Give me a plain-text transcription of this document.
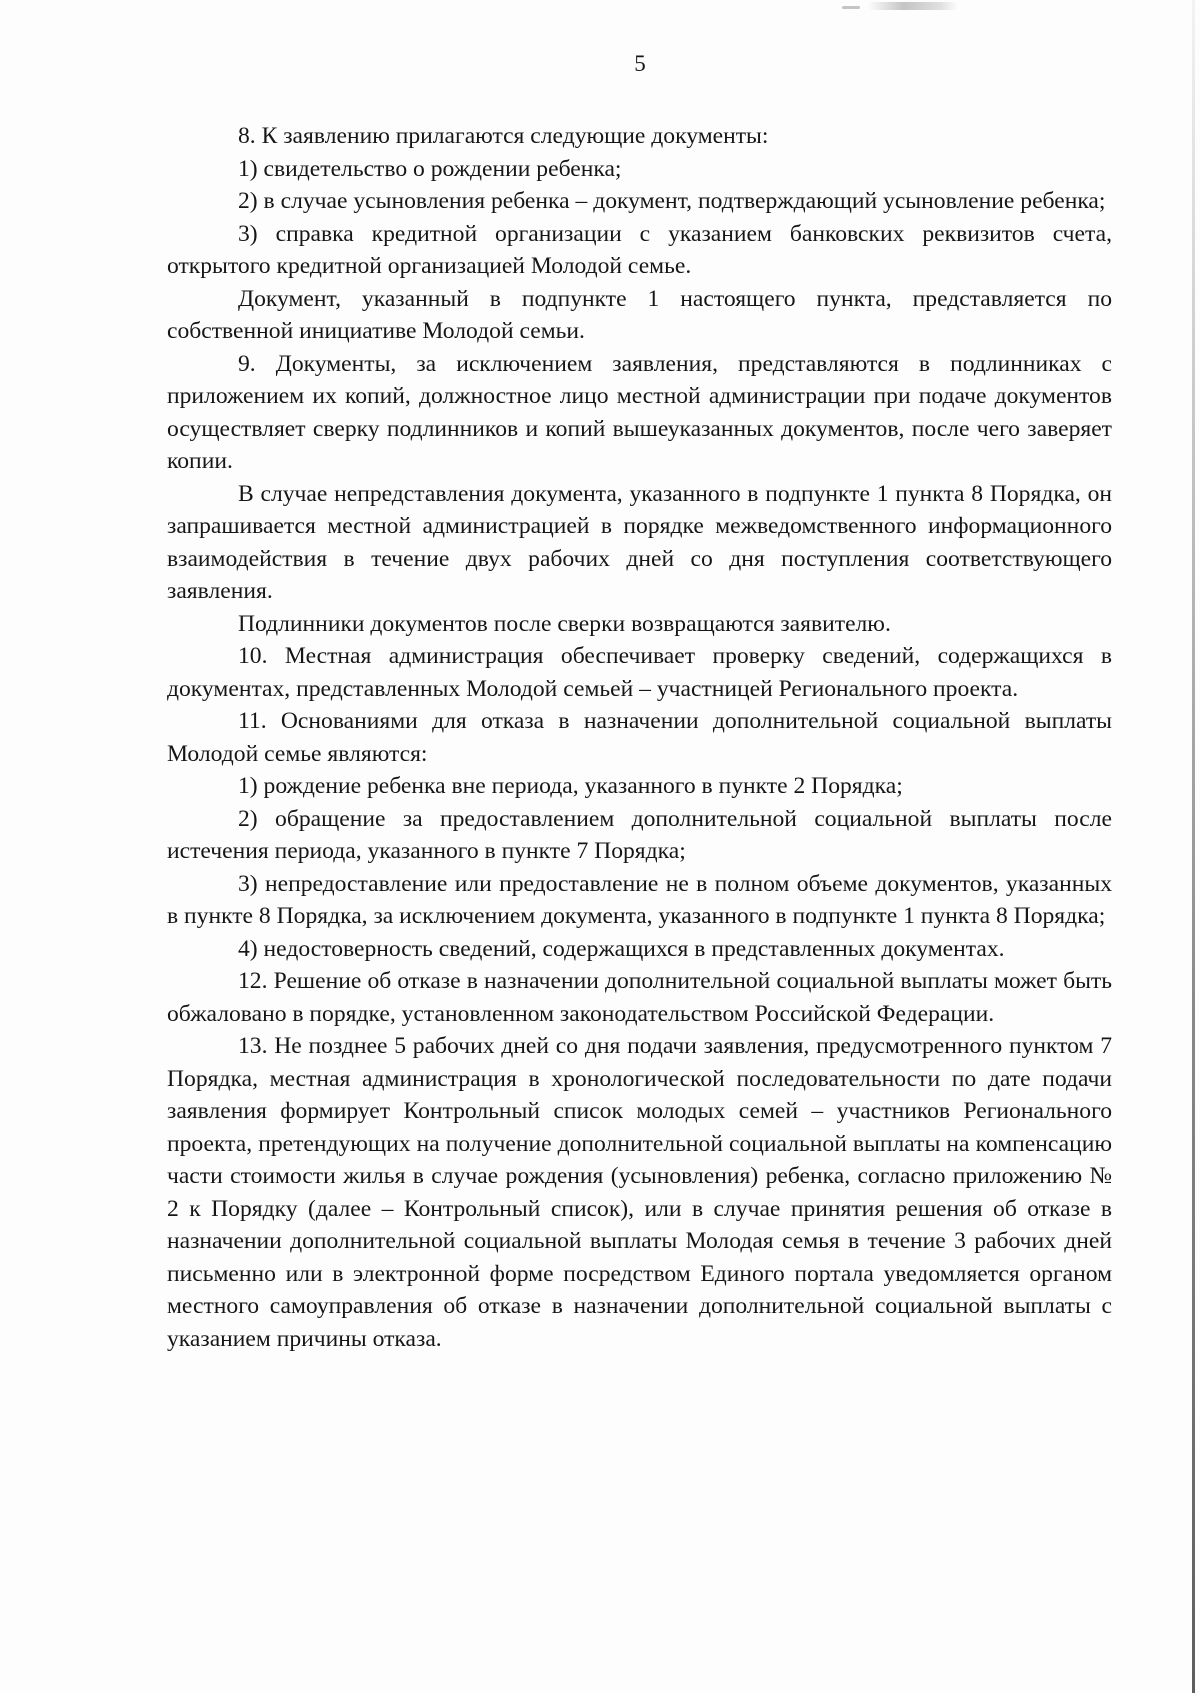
5

8. К заявлению прилагаются следующие документы:

1) свидетельство о рождении ребенка;

2) в случае усыновления ребенка – документ, подтверждающий усыновление ребенка;

3) справка кредитной организации с указанием банковских реквизитов счета, открытого кредитной организацией Молодой семье.

Документ, указанный в подпункте 1 настоящего пункта, представляется по собственной инициативе Молодой семьи.

9. Документы, за исключением заявления, представляются в подлинниках с приложением их копий, должностное лицо местной администрации при подаче документов осуществляет сверку подлинников и копий вышеуказанных документов, после чего заверяет копии.

В случае непредставления документа, указанного в подпункте 1 пункта 8 Порядка, он запрашивается местной администрацией в порядке межведомственного информационного взаимодействия в течение двух рабочих дней со дня поступления соответствующего заявления.

Подлинники документов после сверки возвращаются заявителю.

10. Местная администрация обеспечивает проверку сведений, содержащихся в документах, представленных Молодой семьей – участницей Регионального проекта.

11. Основаниями для отказа в назначении дополнительной социальной выплаты Молодой семье являются:

1) рождение ребенка вне периода, указанного в пункте 2 Порядка;

2) обращение за предоставлением дополнительной социальной выплаты после истечения периода, указанного в пункте 7 Порядка;

3) непредоставление или предоставление не в полном объеме документов, указанных в пункте 8 Порядка, за исключением документа, указанного в подпункте 1 пункта 8 Порядка;

4) недостоверность сведений, содержащихся в представленных документах.

12. Решение об отказе в назначении дополнительной социальной выплаты может быть обжаловано в порядке, установленном законодательством Российской Федерации.

13. Не позднее 5 рабочих дней со дня подачи заявления, предусмотренного пунктом 7 Порядка, местная администрация в хронологической последовательности по дате подачи заявления формирует Контрольный список молодых семей – участников Регионального проекта, претендующих на получение дополнительной социальной выплаты на компенсацию части стоимости жилья в случае рождения (усыновления) ребенка, согласно приложению № 2 к Порядку (далее – Контрольный список), или в случае принятия решения об отказе в назначении дополнительной социальной выплаты Молодая семья в течение 3 рабочих дней письменно или в электронной форме посредством Единого портала уведомляется органом местного самоуправления об отказе в назначении дополнительной социальной выплаты с указанием причины отказа.
